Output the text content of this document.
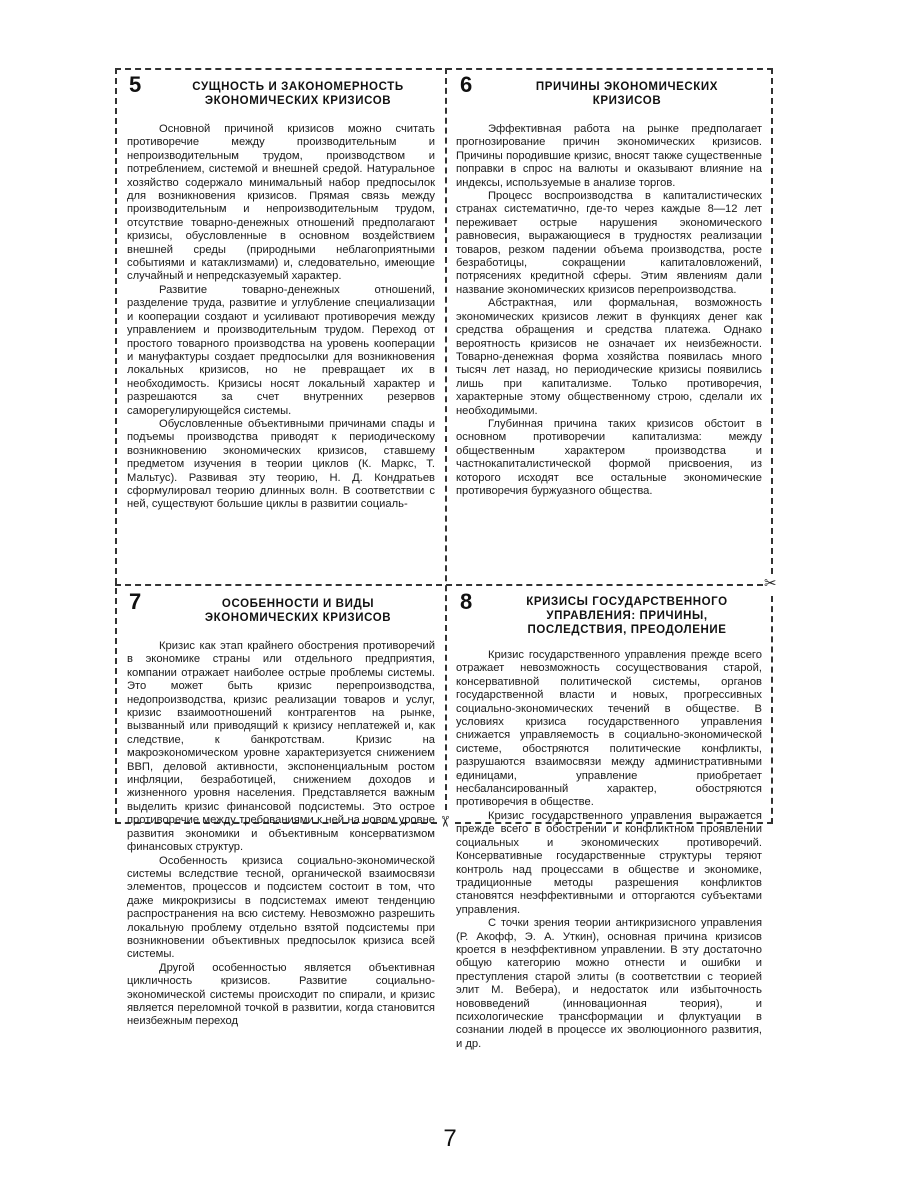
✂
✂
5	СУЩНОСТЬ И ЗАКОНОМЕРНОСТЬ
ЭКОНОМИЧЕСКИХ КРИЗИСОВ

Основной причиной кризисов можно считать противоречие между производительным и непроизводительным трудом, производством и потреблением, системой и внешней средой. Натуральное хозяйство содержало минимальный набор предпосылок для возникновения кризисов. Прямая связь между производительным и непроизводительным трудом, отсутствие товарно-денежных отношений предполагают кризисы, обусловленные в основном воздействием внешней среды (природными неблагоприятными событиями и катаклизмами) и, следовательно, имеющие случайный и непредсказуемый характер.

Развитие товарно-денежных отношений, разделение труда, развитие и углубление специализации и кооперации создают и усиливают противоречия между управлением и производительным трудом. Переход от простого товарного производства на уровень кооперации и мануфактуры создает предпосылки для возникновения локальных кризисов, но не превращает их в необходимость. Кризисы носят локальный характер и разрешаются за счет внутренних резервов саморегулирующейся системы.

Обусловленные объективными причинами спады и подъемы производства приводят к периодическому возникновению экономических кризисов, ставшему предметом изучения в теории циклов (К. Маркс, Т. Мальтус). Развивая эту теорию, Н. Д. Кондратьев сформулировал теорию длинных волн. В соответствии с ней, существуют большие циклы в развитии социаль-

6	ПРИЧИНЫ ЭКОНОМИЧЕСКИХ
КРИЗИСОВ

Эффективная работа на рынке предполагает прогнозирование причин экономических кризисов. Причины породившие кризис, вносят также существенные поправки в спрос на валюты и оказывают влияние на индексы, используемые в анализе торгов.

Процесс воспроизводства в капиталистических странах систематично, где-то через каждые 8—12 лет переживает острые нарушения экономического равновесия, выражающиеся в трудностях реализации товаров, резком падении объема производства, росте безработицы, сокращении капиталовложений, потрясениях кредитной сферы. Этим явлениям дали название экономических кризисов перепроизводства.

Абстрактная, или формальная, возможность экономических кризисов лежит в функциях денег как средства обращения и средства платежа. Однако вероятность кризисов не означает их неизбежности. Товарно-денежная форма хозяйства появилась много тысяч лет назад, но периодические кризисы появились лишь при капитализме. Только противоречия, характерные этому общественному строю, сделали их необходимыми.

Глубинная причина таких кризисов обстоит в основном противоречии капитализма: между общественным характером производства и частнокапиталистической формой присвоения, из которого исходят все остальные экономические противоречия буржуазного общества.

7	ОСОБЕННОСТИ И ВИДЫ
ЭКОНОМИЧЕСКИХ КРИЗИСОВ

Кризис как этап крайнего обострения противоречий в экономике страны или отдельного предприятия, компании отражает наиболее острые проблемы системы. Это может быть кризис перепроизводства, недопроизводства, кризис реализации товаров и услуг, кризис взаимоотношений контрагентов на рынке, вызванный или приводящий к кризису неплатежей и, как следствие, к банкротствам. Кризис на макроэкономическом уровне характеризуется снижением ВВП, деловой активности, экспоненциальным ростом инфляции, безработицей, снижением доходов и жизненного уровня населения. Представляется важным выделить кризис финансовой подсистемы. Это острое противоречие между требованиями к ней на новом уровне развития экономики и объективным консерватизмом финансовых структур.

Особенность кризиса социально-экономической системы вследствие тесной, органической взаимосвязи элементов, процессов и подсистем состоит в том, что даже микрокризисы в подсистемах имеют тенденцию распространения на всю систему. Невозможно разрешить локальную проблему отдельно взятой подсистемы при возникновении объективных предпосылок кризиса всей системы.

Другой особенностью является объективная цикличность кризисов. Развитие социально-экономической системы происходит по спирали, и кризис является переломной точкой в развитии, когда становится неизбежным переход

8	КРИЗИСЫ ГОСУДАРСТВЕННОГО
УПРАВЛЕНИЯ: ПРИЧИНЫ,
ПОСЛЕДСТВИЯ, ПРЕОДОЛЕНИЕ

Кризис государственного управления прежде всего отражает невозможность сосуществования старой, консервативной политической системы, органов государственной власти и новых, прогрессивных социально-экономических течений в обществе. В условиях кризиса государственного управления снижается управляемость в социально-экономической системе, обостряются политические конфликты, разрушаются взаимосвязи между административными единицами, управление приобретает несбалансированный характер, обостряются противоречия в обществе.

Кризис государственного управления выражается прежде всего в обострении и конфликтном проявлении социальных и экономических противоречий. Консервативные государственные структуры теряют контроль над процессами в обществе и экономике, традиционные методы разрешения конфликтов становятся неэффективными и отторгаются субъектами управления.

С точки зрения теории антикризисного управления (Р. Акофф, Э. А. Уткин), основная причина кризисов кроется в неэффективном управлении. В эту достаточно общую категорию можно отнести и ошибки и преступления старой элиты (в соответствии с теорией элит М. Вебера), и недостаток или избыточность нововведений (инновационная теория), и психологические трансформации и флуктуации в сознании людей в процессе их эволюционного развития, и др.

7
